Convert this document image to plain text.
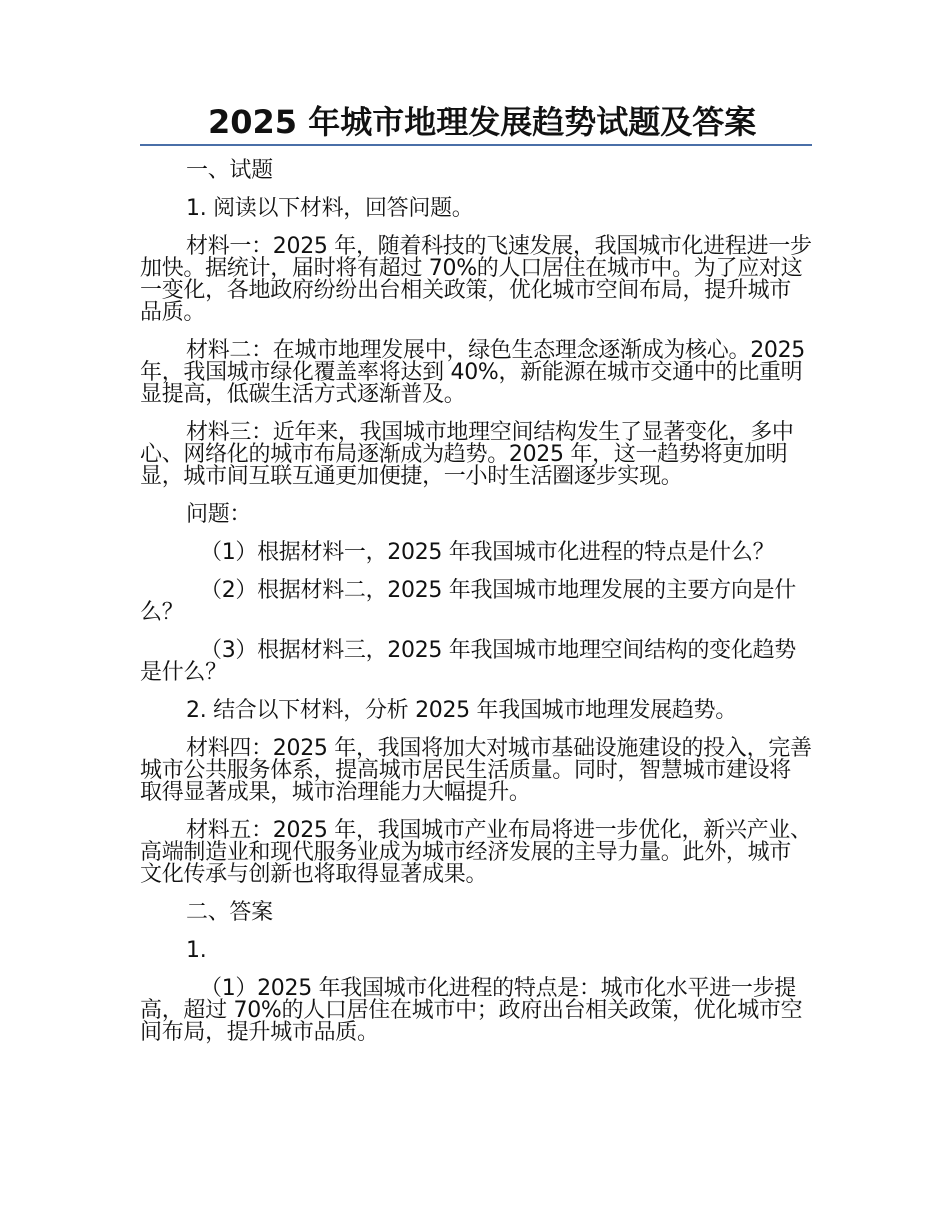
2025 年城市地理发展趋势试题及答案

一、试题

1. 阅读以下材料，回答问题。

材料一：2025 年，随着科技的飞速发展，我国城市化进程进一步加快。据统计，届时将有超过 70%的人口居住在城市中。为了应对这一变化，各地政府纷纷出台相关政策，优化城市空间布局，提升城市品质。

材料二：在城市地理发展中，绿色生态理念逐渐成为核心。2025 年，我国城市绿化覆盖率将达到 40%，新能源在城市交通中的比重明显提高，低碳生活方式逐渐普及。

材料三：近年来，我国城市地理空间结构发生了显著变化，多中心、网络化的城市布局逐渐成为趋势。2025 年，这一趋势将更加明显，城市间互联互通更加便捷，一小时生活圈逐步实现。

问题：

（1）根据材料一，2025 年我国城市化进程的特点是什么？

（2）根据材料二，2025 年我国城市地理发展的主要方向是什么？

（3）根据材料三，2025 年我国城市地理空间结构的变化趋势是什么？

2. 结合以下材料，分析 2025 年我国城市地理发展趋势。

材料四：2025 年，我国将加大对城市基础设施建设的投入，完善城市公共服务体系，提高城市居民生活质量。同时，智慧城市建设将取得显著成果，城市治理能力大幅提升。

材料五：2025 年，我国城市产业布局将进一步优化，新兴产业、高端制造业和现代服务业成为城市经济发展的主导力量。此外，城市文化传承与创新也将取得显著成果。

二、答案

1.

（1）2025 年我国城市化进程的特点是：城市化水平进一步提高，超过 70%的人口居住在城市中；政府出台相关政策，优化城市空间布局，提升城市品质。
